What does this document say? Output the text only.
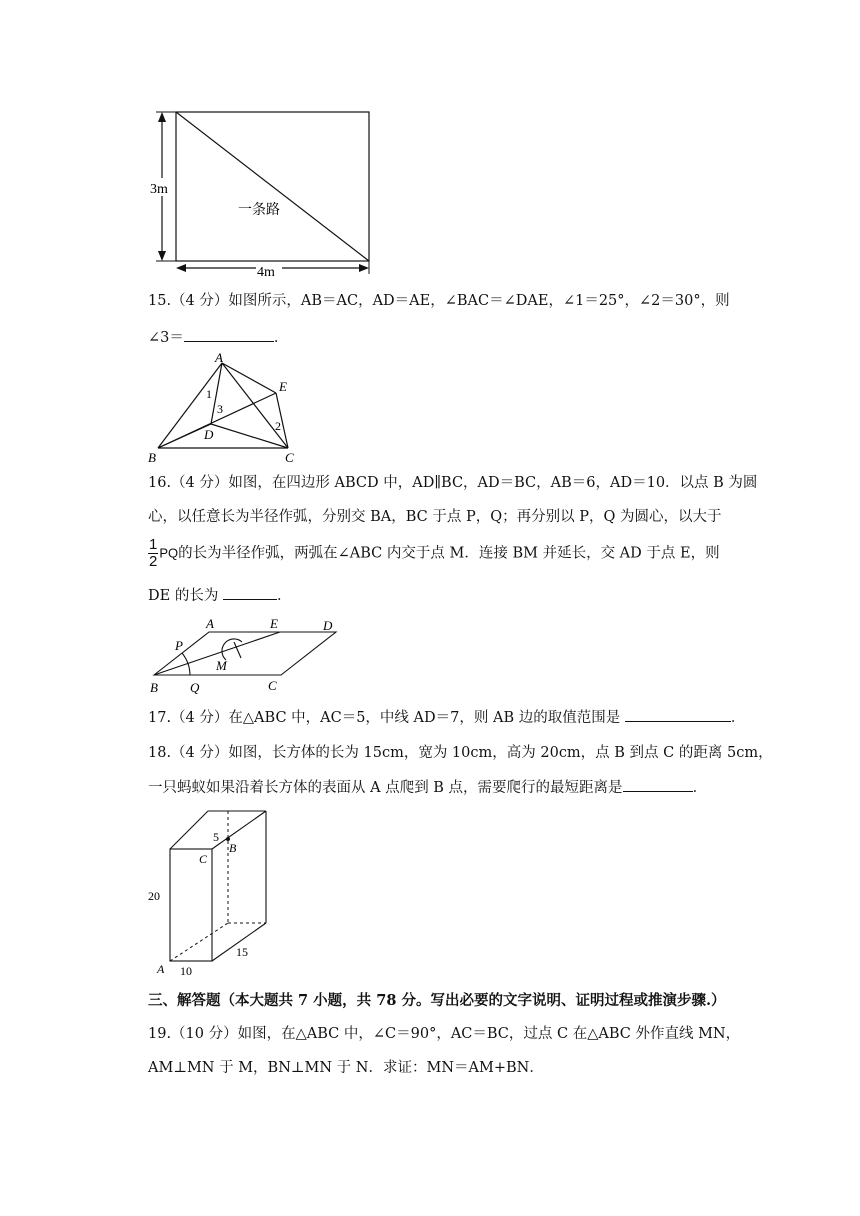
3m
4m
一条路
15.（4 分）如图所示，AB＝AC，AD＝AE，∠BAC＝∠DAE，∠1＝25°，∠2＝30°，则
∠3＝	．
A
E
B	C
D
1
3
2
16.（4 分）如图，在四边形 ABCD 中，AD∥BC，AD＝BC，AB＝6，AD＝10．以点 B 为圆
心，以任意长为半径作弧，分别交 BA，BC 于点 P，Q；再分别以 P，Q 为圆心，以大于
$\frac{1}{2}$ PQ的长为半径作弧，两弧在∠ABC 内交于点 M．连接 BM 并延长，交 AD 于点 E，则
DE 的长为	．
A	E	D
P
M
B Q	C
17.（4 分）在△ABC 中，AC＝5，中线 AD＝7，则 AB 边的取值范围是	．
18.（4 分）如图，长方体的长为 15cm，宽为 10cm，高为 20cm，点 B 到点 C 的距离 5cm，
一只蚂蚁如果沿着长方体的表面从 A 点爬到 B 点，需要爬行的最短距离是	．
5
B
C
20
A 10
15
三、解答题（本大题共 7 小题，共 78 分。写出必要的文字说明、证明过程或推演步骤.）
19.（10 分）如图，在△ABC 中，∠C＝90°，AC＝BC，过点 C 在△ABC 外作直线 MN，
AM⊥MN 于 M，BN⊥MN 于 N．求证：MN＝AM+BN．
